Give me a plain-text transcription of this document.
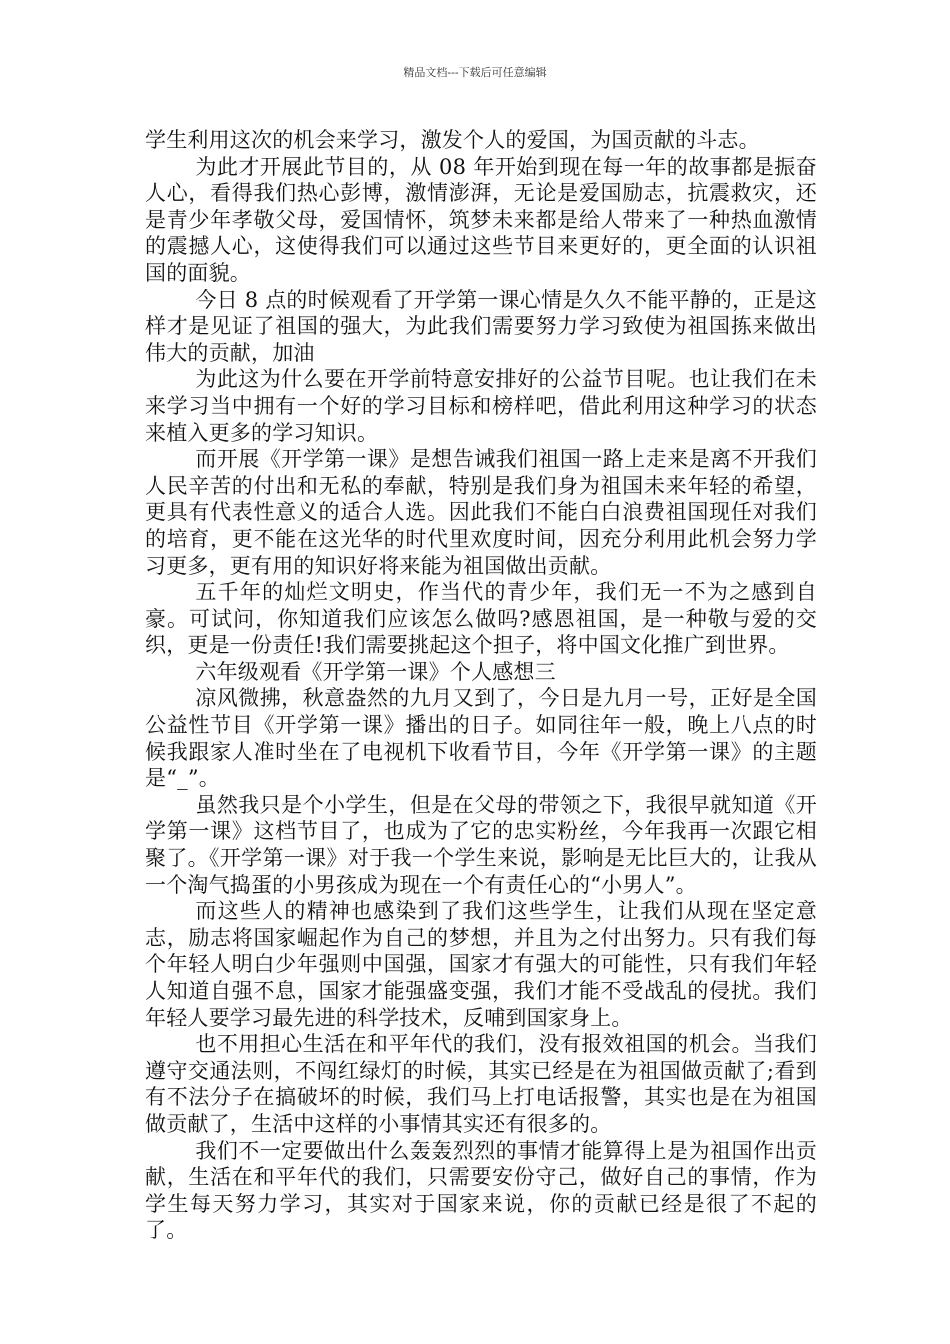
精品文档---下载后可任意编辑

学生利用这次的机会来学习，激发个人的爱国，为国贡献的斗志。

为此才开展此节目的，从 08 年开始到现在每一年的故事都是振奋人心，看得我们热心彭博，激情澎湃，无论是爱国励志，抗震救灾，还是青少年孝敬父母，爱国情怀，筑梦未来都是给人带来了一种热血激情的震撼人心，这使得我们可以通过这些节目来更好的，更全面的认识祖国的面貌。

今日 8 点的时候观看了开学第一课心情是久久不能平静的，正是这样才是见证了祖国的强大，为此我们需要努力学习致使为祖国拣来做出伟大的贡献，加油

为此这为什么要在开学前特意安排好的公益节目呢。也让我们在未来学习当中拥有一个好的学习目标和榜样吧，借此利用这种学习的状态来植入更多的学习知识。

而开展《开学第一课》是想告诫我们祖国一路上走来是离不开我们人民辛苦的付出和无私的奉献，特别是我们身为祖国未来年轻的希望，更具有代表性意义的适合人选。因此我们不能白白浪费祖国现任对我们的培育，更不能在这光华的时代里欢度时间，因充分利用此机会努力学习更多，更有用的知识好将来能为祖国做出贡献。

五千年的灿烂文明史，作当代的青少年，我们无一不为之感到自豪。可试问，你知道我们应该怎么做吗?感恩祖国，是一种敬与爱的交织，更是一份责任!我们需要挑起这个担子，将中国文化推广到世界。

六年级观看《开学第一课》个人感想三

凉风微拂，秋意盎然的九月又到了，今日是九月一号，正好是全国公益性节目《开学第一课》播出的日子。如同往年一般，晚上八点的时候我跟家人准时坐在了电视机下收看节目，今年《开学第一课》的主题是“_”。

虽然我只是个小学生，但是在父母的带领之下，我很早就知道《开学第一课》这档节目了，也成为了它的忠实粉丝，今年我再一次跟它相聚了。《开学第一课》对于我一个学生来说，影响是无比巨大的，让我从一个淘气捣蛋的小男孩成为现在一个有责任心的“小男人”。

而这些人的精神也感染到了我们这些学生，让我们从现在坚定意志，励志将国家崛起作为自己的梦想，并且为之付出努力。只有我们每个年轻人明白少年强则中国强，国家才有强大的可能性，只有我们年轻人知道自强不息，国家才能强盛变强，我们才能不受战乱的侵扰。我们年轻人要学习最先进的科学技术，反哺到国家身上。

也不用担心生活在和平年代的我们，没有报效祖国的机会。当我们遵守交通法则，不闯红绿灯的时候，其实已经是在为祖国做贡献了;看到有不法分子在搞破坏的时候，我们马上打电话报警，其实也是在为祖国做贡献了，生活中这样的小事情其实还有很多的。

我们不一定要做出什么轰轰烈烈的事情才能算得上是为祖国作出贡献，生活在和平年代的我们，只需要安份守己，做好自己的事情，作为学生每天努力学习，其实对于国家来说，你的贡献已经是很了不起的了。
